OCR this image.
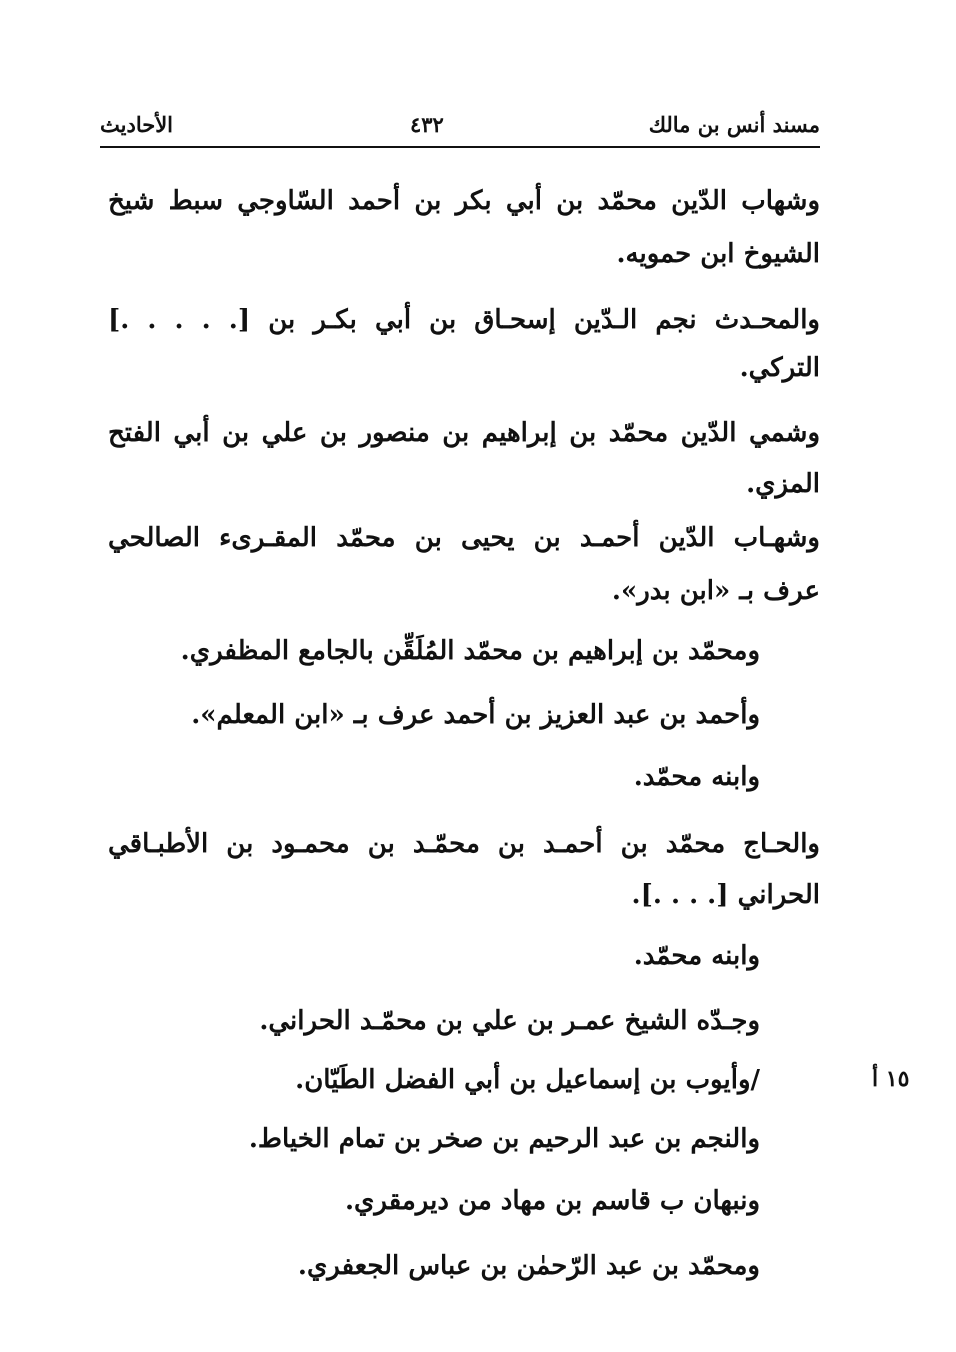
مسند أنس بن مالك
٤٣٢
الأحاديث
١٥ أ
وشهاب الدّين محمّد بن أبي بكر بن أحمد السّاوجي سبط شيخ
الشيوخ ابن حمويه.
والمحـدث نجم الـدّين إسحـاق بن أبي بكـر بن [. . . . .]
التركي.
وشمي الدّين محمّد بن إبراهيم بن منصور بن علي بن أبي الفتح
المزي.
وشهـاب الدّين أحمـد بن يحيى بن محمّد المقـرىء الصالحي
عرف بـ «ابن بدر».
ومحمّد بن إبراهيم بن محمّد المُلَقِّن بالجامع المظفري.
وأحمد بن عبد العزيز بن أحمد عرف بـ «ابن المعلم».
وابنه محمّد.
والحـاج محمّد بن أحمـد بن محمّـد بن محمـود بن الأطبـاقي
الحراني [. . . .].
وابنه محمّد.
وجـدّه الشيخ عمـر بن علي بن محمّـد الحراني.
/وأيوب بن إسماعيل بن أبي الفضل الطَيّان.
والنجم بن عبد الرحيم بن صخر بن تمام الخياط.
ونبهان ب قاسم بن مهاد من ديرمقري.
ومحمّد بن عبد الرّحمٰن بن عباس الجعفري.
